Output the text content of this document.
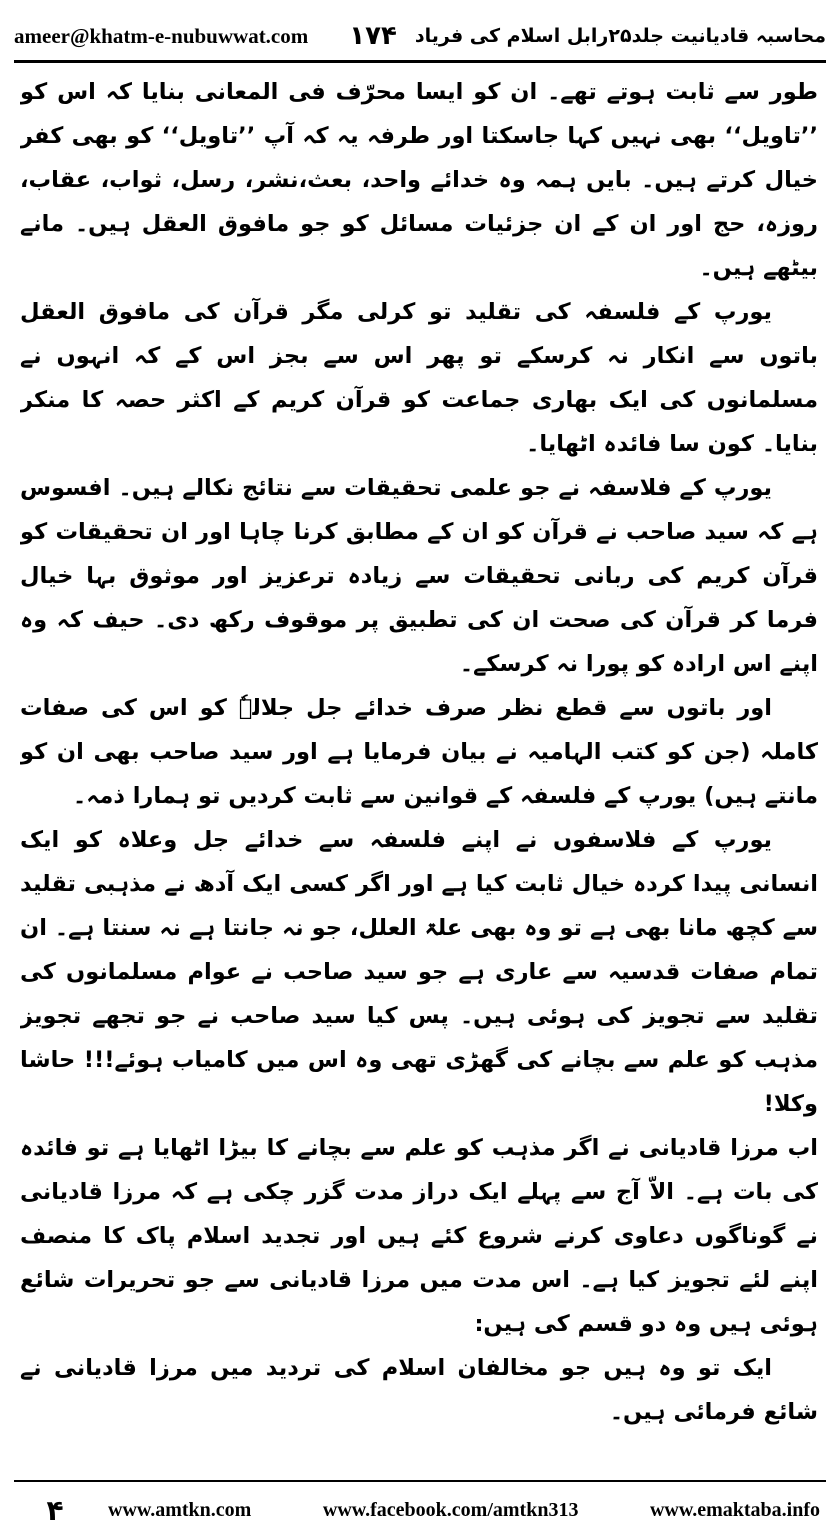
ameer@khatm-e-nubuwwat.com	محاسبہ قادیانیت جلد۲۵رابل اسلام کی فریاد
۱۷۴

طور سے ثابت ہوتے تھے۔ ان کو ایسا محرّف فی المعانی بنایا کہ اس کو ’’تاویل‘‘ بھی نہیں کہا جاسکتا اور طرفہ یہ کہ آپ ’’تاویل‘‘ کو بھی کفر خیال کرتے ہیں۔ بایں ہمہ وہ خدائے واحد، بعث،نشر، رسل، ثواب، عقاب، روزہ، حج اور ان کے ان جزئیات مسائل کو جو مافوق العقل ہیں۔ مانے بیٹھے ہیں۔

یورپ کے فلسفہ کی تقلید تو کرلی مگر قرآن کی مافوق العقل باتوں سے انکار نہ کرسکے تو پھر اس سے بجز اس کے کہ انہوں نے مسلمانوں کی ایک بھاری جماعت کو قرآن کریم کے اکثر حصہ کا منکر بنایا۔ کون سا فائدہ اٹھایا۔

یورپ کے فلاسفہ نے جو علمی تحقیقات سے نتائج نکالے ہیں۔ افسوس ہے کہ سید صاحب نے قرآن کو ان کے مطابق کرنا چاہا اور ان تحقیقات کو قرآن کریم کی ربانی تحقیقات سے زیادہ ترعزیز اور موثوق بہا خیال فرما کر قرآن کی صحت ان کی تطبیق پر موقوف رکھ دی۔ حیف کہ وہ اپنے اس ارادہ کو پورا نہ کرسکے۔

اور باتوں سے قطع نظر صرف خدائے جل جلالہٗ کو اس کی صفات کاملہ (جن کو کتب الہامیہ نے بیان فرمایا ہے اور سید صاحب بھی ان کو مانتے ہیں) یورپ کے فلسفہ کے قوانین سے ثابت کردیں تو ہمارا ذمہ۔

یورپ کے فلاسفوں نے اپنے فلسفہ سے خدائے جل وعلاہ کو ایک انسانی پیدا کردہ خیال ثابت کیا ہے اور اگر کسی ایک آدھ نے مذہبی تقلید سے کچھ مانا بھی ہے تو وہ بھی علۃ العلل، جو نہ جانتا ہے نہ سنتا ہے۔ ان تمام صفات قدسیہ سے عاری ہے جو سید صاحب نے عوام مسلمانوں کی تقلید سے تجویز کی ہوئی ہیں۔ پس کیا سید صاحب نے جو تجھے تجویز مذہب کو علم سے بچانے کی گھڑی تھی وہ اس میں کامیاب ہوئے!!! حاشا وکلا!

اب مرزا قادیانی نے اگر مذہب کو علم سے بچانے کا بیڑا اٹھایا ہے تو فائدہ کی بات ہے۔ الاّ آج سے پہلے ایک دراز مدت گزر چکی ہے کہ مرزا قادیانی نے گوناگوں دعاوی کرنے شروع کئے ہیں اور تجدید اسلام پاک کا منصف اپنے لئے تجویز کیا ہے۔ اس مدت میں مرزا قادیانی سے جو تحریرات شائع ہوئی ہیں وہ دو قسم کی ہیں:

ایک تو وہ ہیں جو مخالفان اسلام کی تردید میں مرزا قادیانی نے شائع فرمائی ہیں۔

۴	www.amtkn.com	www.facebook.com/amtkn313	www.emaktaba.info
